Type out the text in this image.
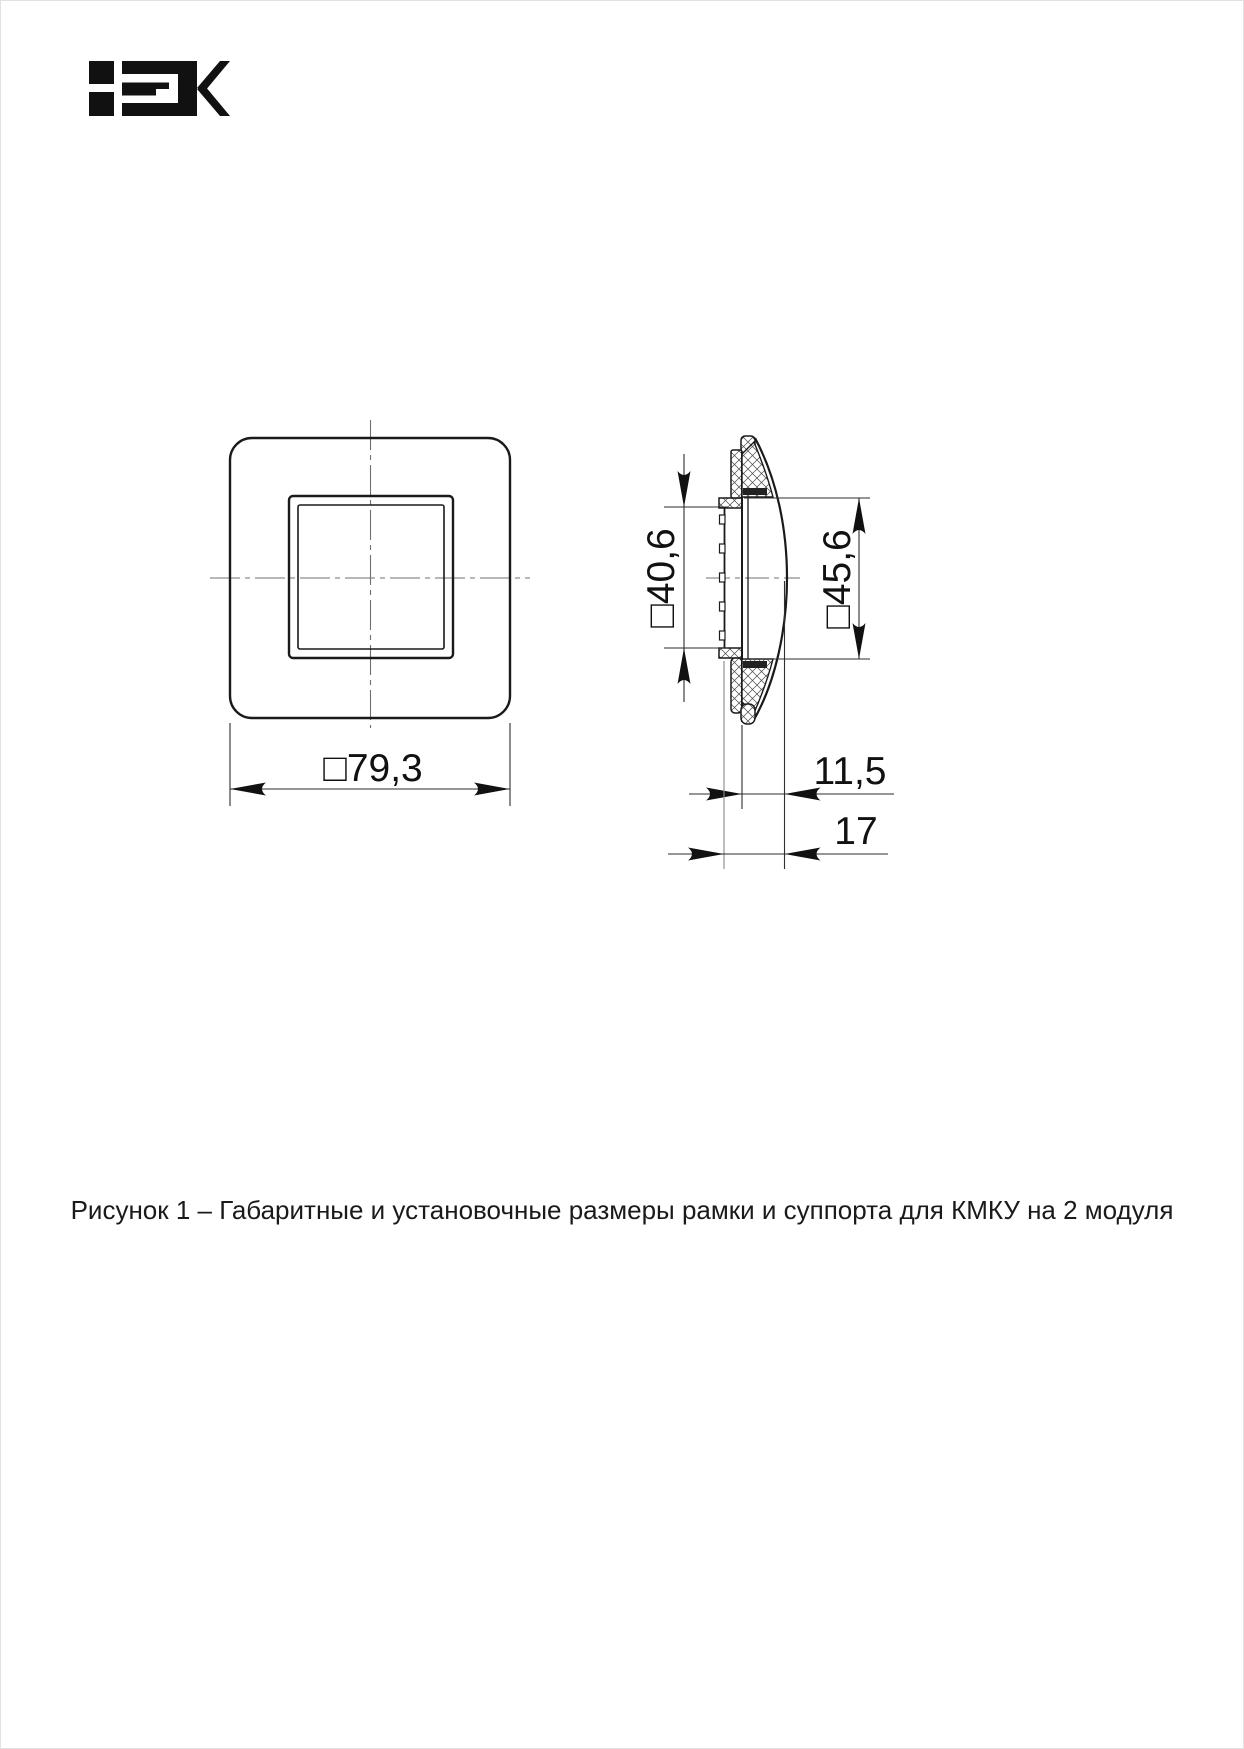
□79,3
□40,6	□45,6
11,5
17
Рисунок 1 – Габаритные и установочные размеры рамки и суппорта для КМКУ на 2 модуля
